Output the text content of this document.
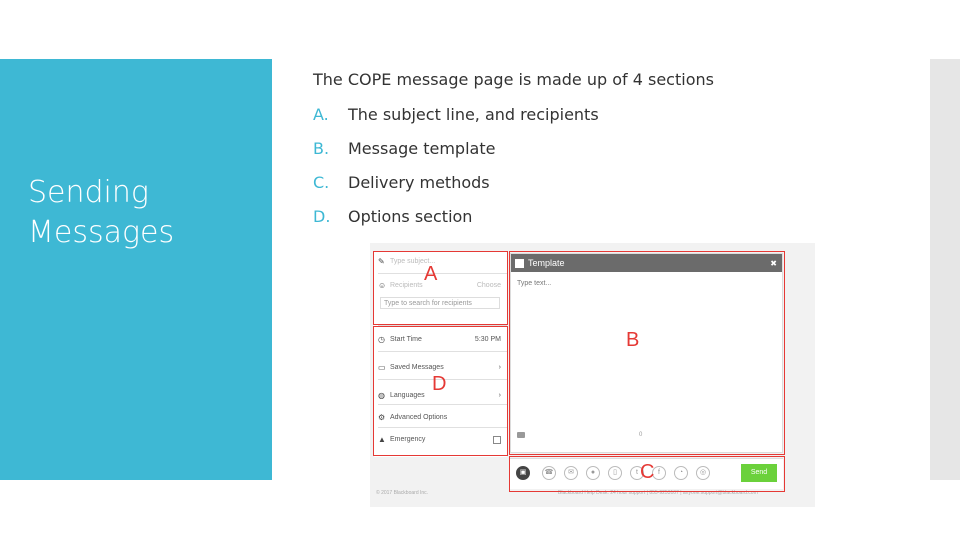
Sending
Messages
The COPE message page is made up of 4 sections
A. The subject line, and recipients
B. Message template
C. Delivery methods
D. Options section
✎ Type subject...
☺ Recipients	Choose
Type to search for recipients
◷ Start Time	5:30 PM
▭ Saved Messages	›
◍ Languages	›
⚙ Advanced Options
▲ Emergency
Template	✖
Type text...
0
▣	☎	✉	●	▯	t	f	◔	◎	Send
© 2017 Blackboard Inc.	Blackboard Help Desk: 24 hour support | 855-9253107 | anyone.support@blackboard.com
A
B
C
D
